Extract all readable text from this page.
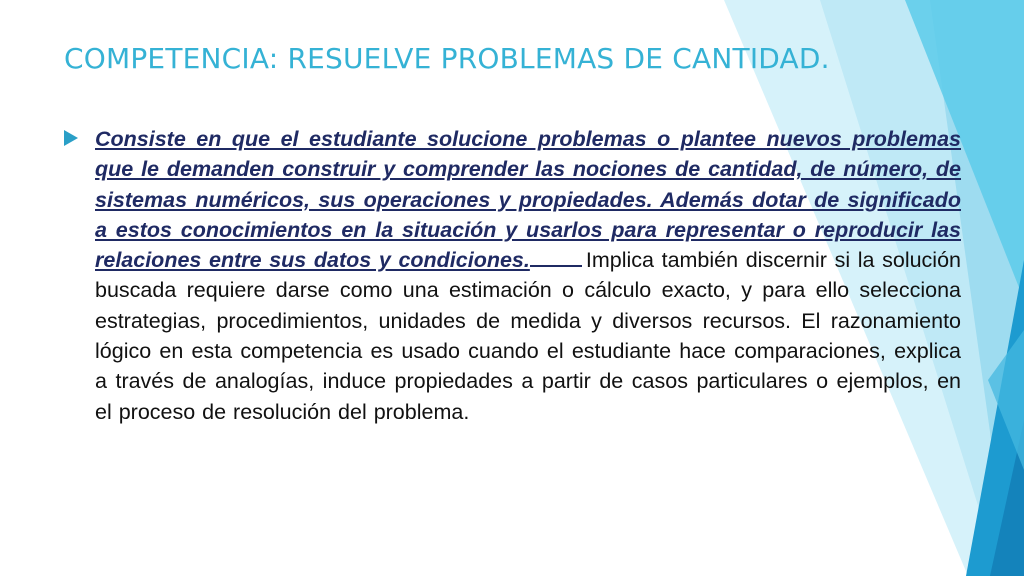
COMPETENCIA: RESUELVE PROBLEMAS DE CANTIDAD.
Consiste en que el estudiante solucione problemas o plantee nuevos problemas que le demanden construir y comprender las nociones de cantidad, de número, de sistemas numéricos, sus operaciones y propiedades. Además dotar de significado a estos conocimientos en la situación y usarlos para representar o reproducir las relaciones entre sus datos y condiciones.	Implica también discernir si la solución buscada requiere darse como una estimación o cálculo exacto, y para ello selecciona estrategias, procedimientos, unidades de medida y diversos recursos. El razonamiento lógico en esta competencia es usado cuando el estudiante hace comparaciones, explica a través de analogías, induce propiedades a partir de casos particulares o ejemplos, en el proceso de resolución del problema.
